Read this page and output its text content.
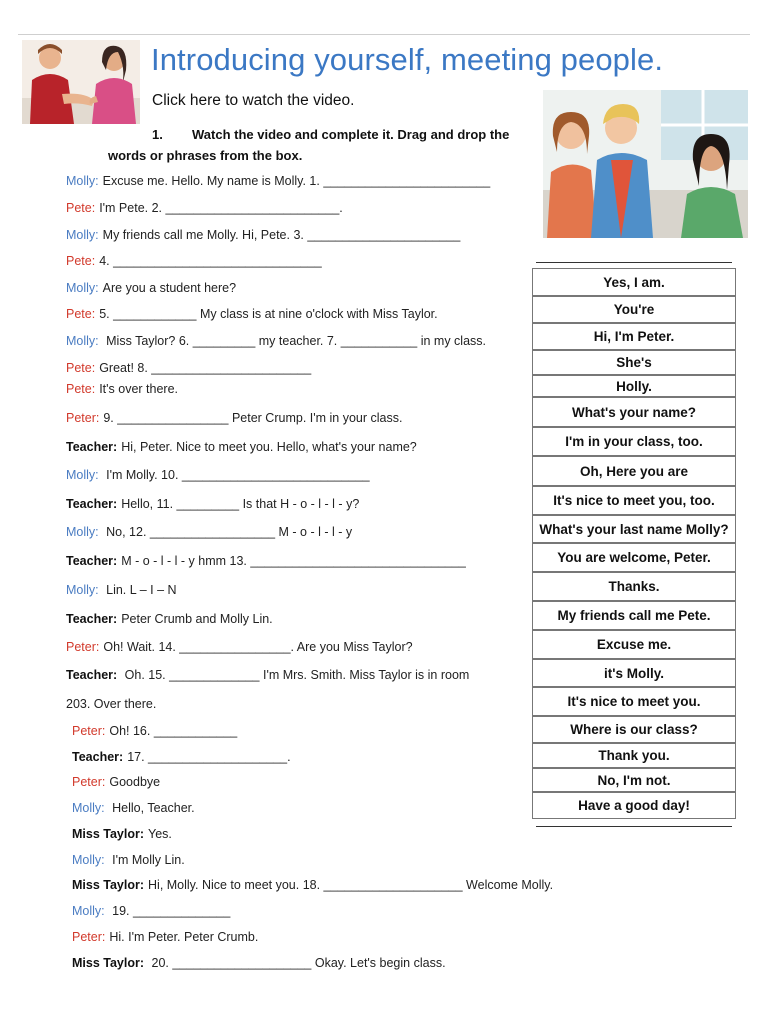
Introducing yourself, meeting people.
Click here to watch the video.
1. Watch the video and complete it. Drag and drop the words or phrases from the box.
Molly: Excuse me. Hello. My name is Molly. 1. ________________________
Pete: I'm Pete. 2. _________________________.
Molly: My friends call me Molly. Hi, Pete. 3. ______________________
Pete: 4. ______________________________
Molly: Are you a student here?
Pete: 5. ____________ My class is at nine o'clock with Miss Taylor.
Molly: Miss Taylor? 6. _________ my teacher. 7. ___________ in my class.
Pete: Great! 8. _______________________
Pete: It's over there.
Peter: 9. ________________ Peter Crump. I'm in your class.
Teacher: Hi, Peter. Nice to meet you. Hello, what's your name?
Molly: I'm Molly. 10. ___________________________
Teacher: Hello, 11. _________ Is that H - o - l - l - y?
Molly: No, 12. __________________ M - o - l - l - y
Teacher: M - o - l - l - y hmm 13. _______________________________
Molly: Lin. L – I – N
Teacher: Peter Crumb and Molly Lin.
Peter: Oh! Wait. 14. ________________. Are you Miss Taylor?
Teacher: Oh. 15. _____________ I'm Mrs. Smith. Miss Taylor is in room
203. Over there.
Peter: Oh! 16. ____________
Teacher: 17. ____________________.
Peter: Goodbye
Molly: Hello, Teacher.
Miss Taylor: Yes.
Molly: I'm Molly Lin.
Miss Taylor: Hi, Molly. Nice to meet you. 18. ____________________ Welcome Molly.
Molly: 19. ______________
Peter: Hi. I'm Peter. Peter Crumb.
Miss Taylor: 20. ____________________ Okay. Let's begin class.
Yes, I am.
You're
Hi, I'm Peter.
She's
Holly.
What's your name?
I'm in your class, too.
Oh, Here you are
It's nice to meet you, too.
What's your last name Molly?
You are welcome, Peter.
Thanks.
My friends call me Pete.
Excuse me.
it's Molly.
It's nice to meet you.
Where is our class?
Thank you.
No, I'm not.
Have a good day!
